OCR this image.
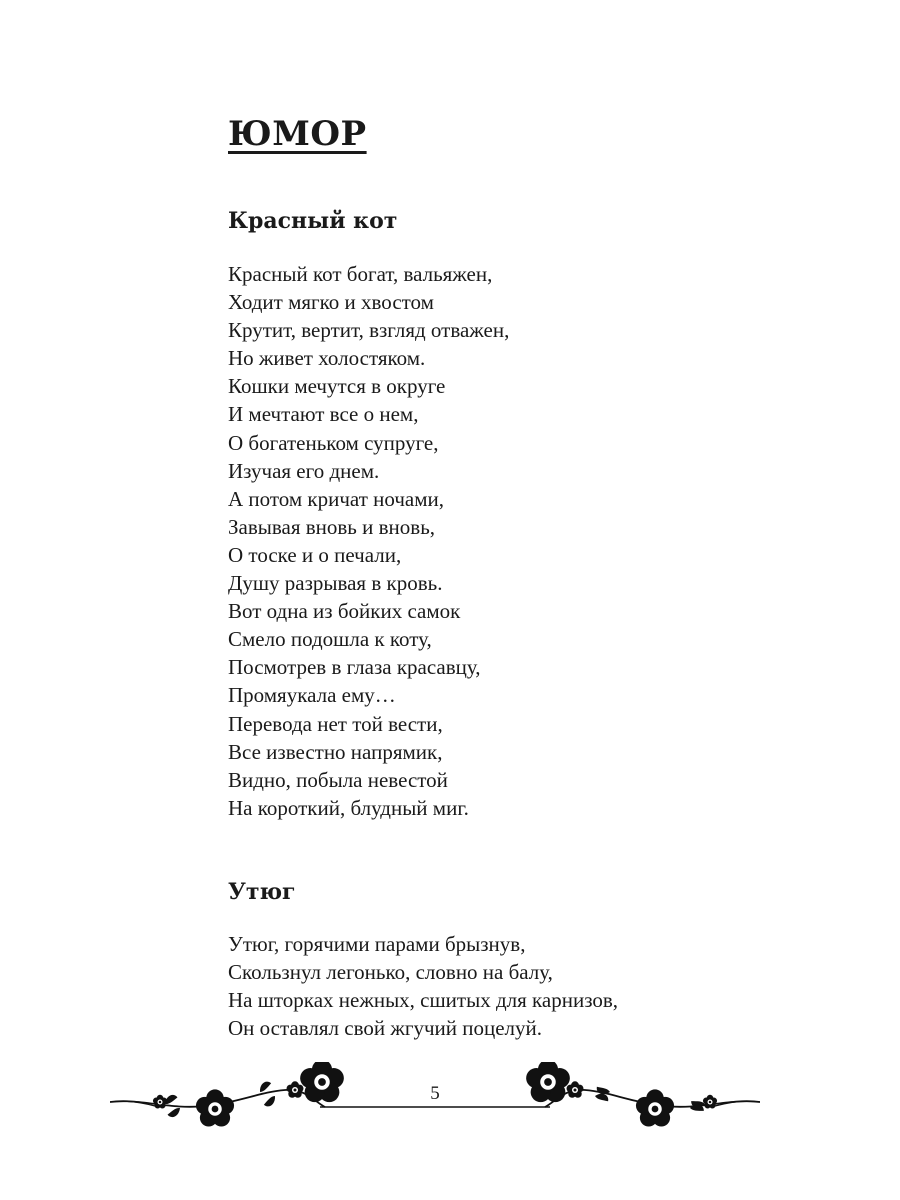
ЮМОР
Красный кот
Красный кот богат, вальяжен,
Ходит мягко и хвостом
Крутит, вертит, взгляд отважен,
Но живет холостяком.
Кошки мечутся в округе
И мечтают все о нем,
О богатеньком супруге,
Изучая его днем.
А потом кричат ночами,
Завывая вновь и вновь,
О тоске и о печали,
Душу разрывая в кровь.
Вот одна из бойких самок
Смело подошла к коту,
Посмотрев в глаза красавцу,
Промяукала ему…
Перевода нет той вести,
Все известно напрямик,
Видно, побыла невестой
На короткий, блудный миг.
Утюг
Утюг, горячими парами брызнув,
Скользнул легонько, словно на балу,
На шторках нежных, сшитых для карнизов,
Он оставлял свой жгучий поцелуй.
5
